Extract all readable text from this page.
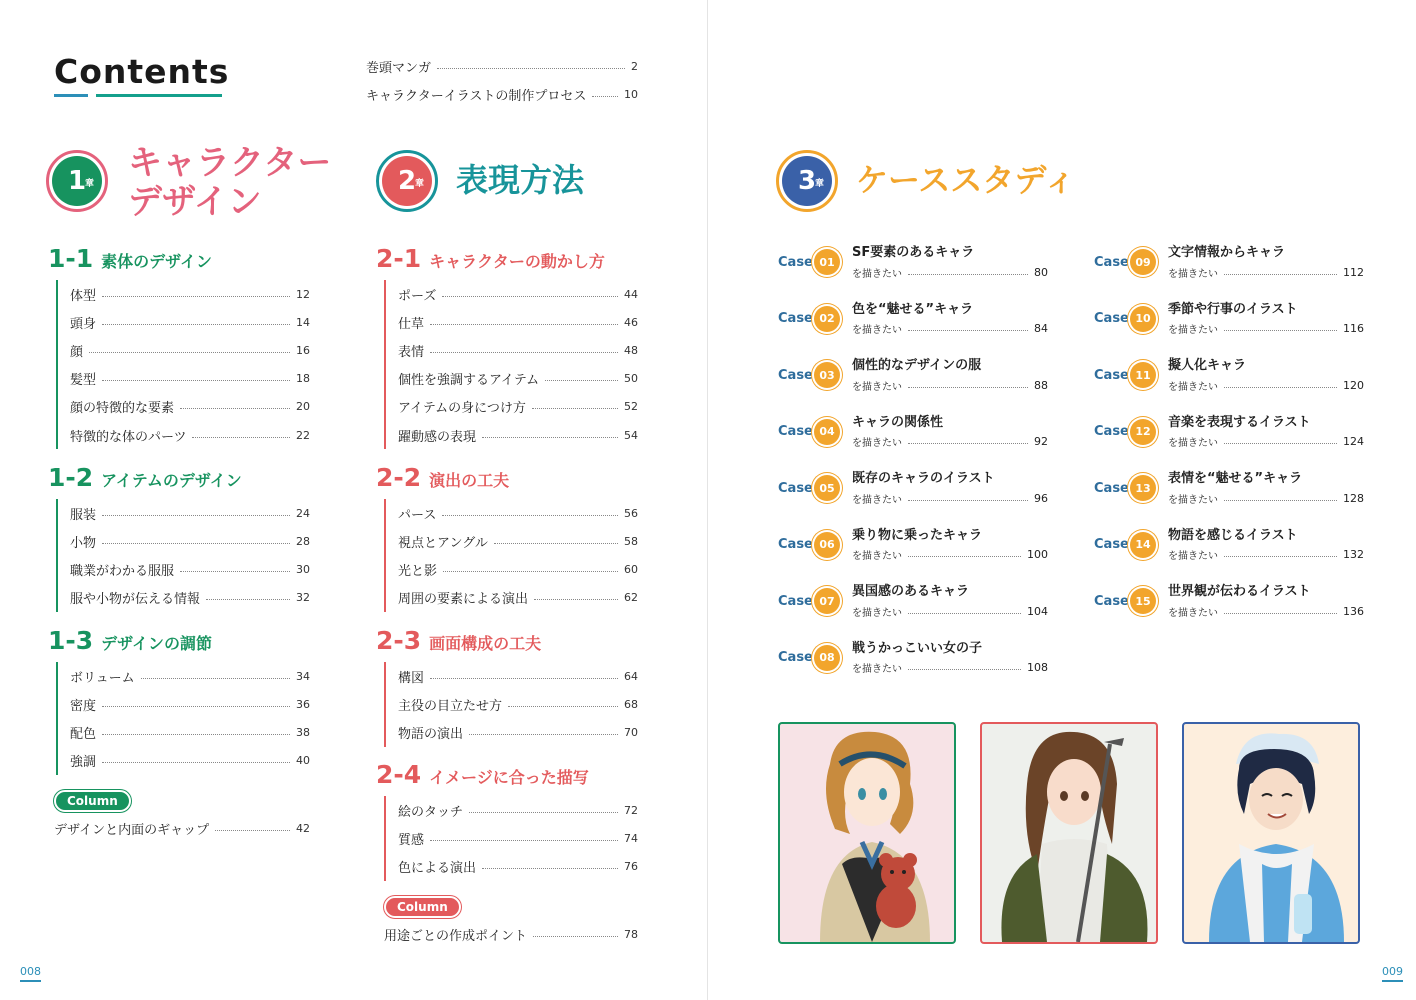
Contents	巻頭マンガ	2
キャラクターイラストの制作プロセス	10
1
章
キャラクター
デザイン
1-1 素体のデザイン
体型	12
頭身	14
顔	16
髪型	18
顔の特徴的な要素	20
特徴的な体のパーツ	22
1-2 アイテムのデザイン
服装	24
小物	28
職業がわかる服服	30
服や小物が伝える情報	32
1-3 デザインの調節
ボリューム	34
密度	36
配色	38
強調	40
Column
デザインと内面のギャップ	42
2
章 表現方法
2-1 キャラクターの動かし方
ポーズ	44
仕草	46
表情	48
個性を強調するアイテム	50
アイテムの身につけ方	52
躍動感の表現	54
2-2 演出の工夫
パース	56
視点とアングル	58
光と影	60
周囲の要素による演出	62
2-3 画面構成の工夫
構図	64
主役の目立たせ方	68
物語の演出	70
2-4 イメージに合った描写
絵のタッチ	72
質感	74
色による演出	76
Column
用途ごとの作成ポイント	78
008
3
章 ケーススタディ
Case 01
SF要素のあるキャラ
を描きたい	80
Case 02
色を“魅せる”キャラ
を描きたい	84
Case 03
個性的なデザインの服
を描きたい	88
Case 04
キャラの関係性
を描きたい	92
Case 05
既存のキャラのイラスト
を描きたい	96
Case 06
乗り物に乗ったキャラ
を描きたい	100
Case 07
異国感のあるキャラ
を描きたい	104
Case 08
戦うかっこいい女の子
を描きたい	108
Case 09
文字情報からキャラ
を描きたい	112
Case 10
季節や行事のイラスト
を描きたい	116
Case 11
擬人化キャラ
を描きたい	120
Case 12
音楽を表現するイラスト
を描きたい	124
Case 13
表情を“魅せる”キャラ
を描きたい	128
Case 14
物語を感じるイラスト
を描きたい	132
Case 15
世界観が伝わるイラスト
を描きたい	136
009
